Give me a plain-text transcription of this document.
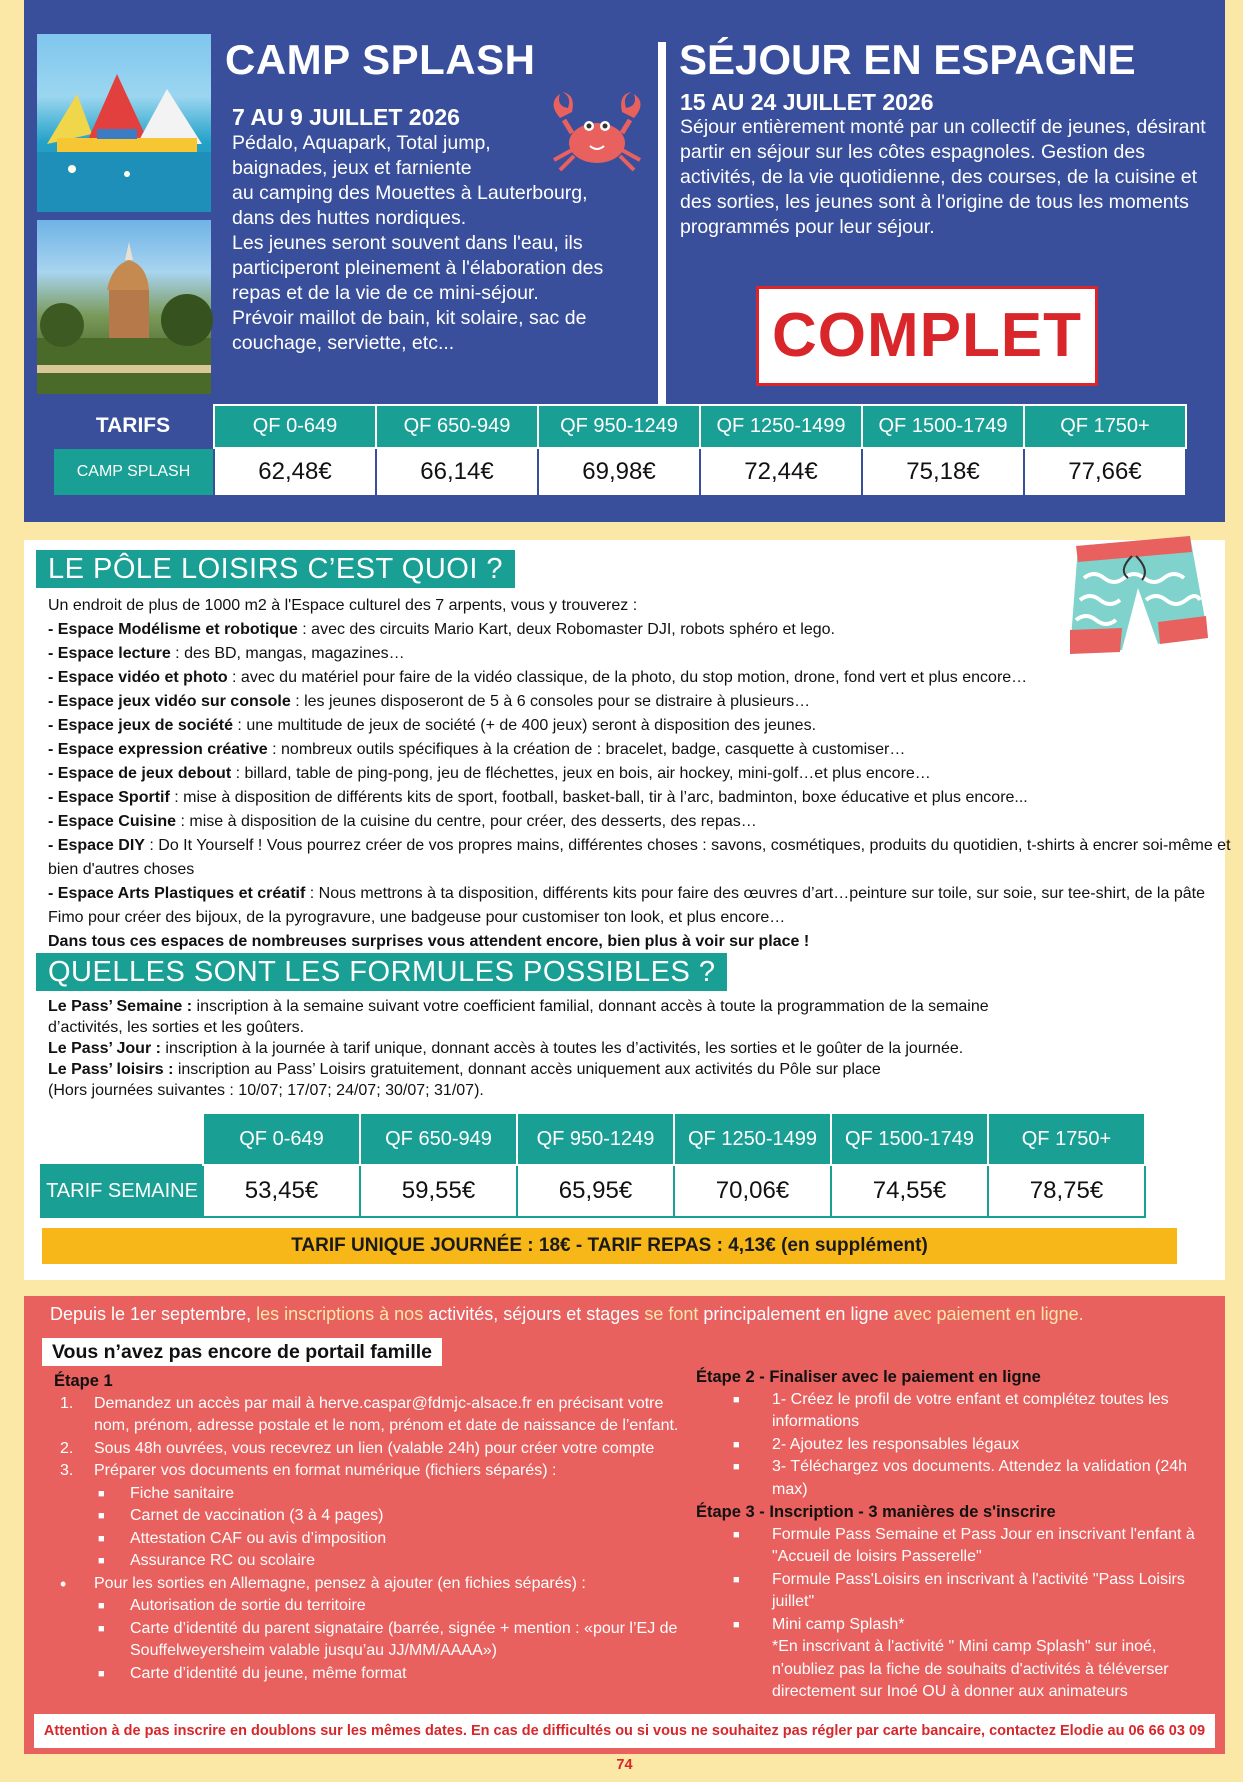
CAMP SPLASH
7 AU 9 JUILLET 2026
Pédalo, Aquapark, Total jump,
baignades, jeux et farniente
au camping des Mouettes à Lauterbourg,
dans des huttes nordiques.
Les jeunes seront souvent dans l'eau, ils
participeront pleinement à l'élaboration des
repas et de la vie de ce mini-séjour.
Prévoir maillot de bain, kit solaire, sac de
couchage, serviette, etc...
SÉJOUR EN ESPAGNE
15 AU 24 JUILLET 2026
Séjour entièrement monté par un collectif de jeunes, désirant partir en séjour sur les côtes espagnoles. Gestion des activités, de la vie quotidienne, des courses, de la cuisine et des sorties, les jeunes sont à l'origine de tous les moments programmés pour leur séjour.
COMPLET
TARIFS	QF 0-649	QF 650-949	QF 950-1249	QF 1250-1499	QF 1500-1749	QF 1750+
CAMP SPLASH	62,48€	66,14€	69,98€	72,44€	75,18€	77,66€
LE PÔLE LOISIRS C’EST QUOI ?
Un endroit de plus de 1000 m2 à l'Espace culturel des 7 arpents, vous y trouverez :
- Espace Modélisme et robotique : avec des circuits Mario Kart, deux Robomaster DJI, robots sphéro et lego.
- Espace lecture : des BD, mangas, magazines…
- Espace vidéo et photo : avec du matériel pour faire de la vidéo classique, de la photo, du stop motion, drone, fond vert et plus encore…
- Espace jeux vidéo sur console : les jeunes disposeront de 5 à 6 consoles pour se distraire à plusieurs…
- Espace jeux de société : une multitude de jeux de société (+ de 400 jeux) seront à disposition des jeunes.
- Espace expression créative : nombreux outils spécifiques à la création de : bracelet, badge, casquette à customiser…
- Espace de jeux debout : billard, table de ping-pong, jeu de fléchettes, jeux en bois, air hockey, mini-golf…et plus encore…
- Espace Sportif : mise à disposition de différents kits de sport, football, basket-ball, tir à l’arc, badminton, boxe éducative et plus encore...
- Espace Cuisine : mise à disposition de la cuisine du centre, pour créer, des desserts, des repas…
- Espace DIY : Do It Yourself ! Vous pourrez créer de vos propres mains, différentes choses : savons, cosmétiques, produits du quotidien, t-shirts à encrer soi-même et bien d'autres choses
- Espace Arts Plastiques et créatif : Nous mettrons à ta disposition, différents kits pour faire des œuvres d’art…peinture sur toile, sur soie, sur tee-shirt, de la pâte Fimo pour créer des bijoux, de la pyrogravure, une badgeuse pour customiser ton look, et plus encore…
Dans tous ces espaces de nombreuses surprises vous attendent encore, bien plus à voir sur place !
QUELLES SONT LES FORMULES POSSIBLES ?
Le Pass’ Semaine : inscription à la semaine suivant votre coefficient familial, donnant accès à toute la programmation de la semaine d’activités, les sorties et les goûters.
Le Pass’ Jour : inscription à la journée à tarif unique, donnant accès à toutes les d’activités, les sorties et le goûter de la journée.
Le Pass’ loisirs : inscription au Pass’ Loisirs gratuitement, donnant accès uniquement aux activités du Pôle sur place
(Hors journées suivantes : 10/07; 17/07; 24/07; 30/07; 31/07).
	QF 0-649	QF 650-949	QF 950-1249	QF 1250-1499	QF 1500-1749	QF 1750+
TARIF SEMAINE	53,45€	59,55€	65,95€	70,06€	74,55€	78,75€
TARIF UNIQUE JOURNÉE : 18€ - TARIF REPAS : 4,13€ (en supplément)
Depuis le 1er septembre, les inscriptions à nos activités, séjours et stages se font principalement en ligne avec paiement en ligne.
Vous n’avez pas encore de portail famille
Étape 1
1. Demandez un accès par mail à herve.caspar@fdmjc-alsace.fr en précisant votre nom, prénom, adresse postale et le nom, prénom et date de naissance de l’enfant.
2. Sous 48h ouvrées, vous recevrez un lien (valable 24h) pour créer votre compte
3. Préparer vos documents en format numérique (fichiers séparés) :
■ Fiche sanitaire
■ Carnet de vaccination (3 à 4 pages)
■ Attestation CAF ou avis d’imposition
■ Assurance RC ou scolaire
• Pour les sorties en Allemagne, pensez à ajouter (en fichies séparés) :
■ Autorisation de sortie du territoire
■ Carte d’identité du parent signataire (barrée, signée + mention : «pour l’EJ de Souffelweyersheim valable jusqu’au JJ/MM/AAAA»)
■ Carte d’identité du jeune, même format
Étape 2 - Finaliser avec le paiement en ligne
■ 1- Créez le profil de votre enfant et complétez toutes les informations
■ 2- Ajoutez les responsables légaux
■ 3- Téléchargez vos documents. Attendez la validation (24h max)
Étape 3 - Inscription - 3 manières de s'inscrire
■ Formule Pass Semaine et Pass Jour en inscrivant l'enfant à "Accueil de loisirs Passerelle"
■ Formule Pass'Loisirs en inscrivant à l'activité "Pass Loisirs juillet"
■ Mini camp Splash*
*En inscrivant à l'activité " Mini camp Splash" sur inoé, n'oubliez pas la fiche de souhaits d'activités à téléverser directement sur Inoé OU à donner aux animateurs
Attention à de pas inscrire en doublons sur les mêmes dates. En cas de difficultés ou si vous ne souhaitez pas régler par carte bancaire, contactez Elodie au 06 66 03 09 74
